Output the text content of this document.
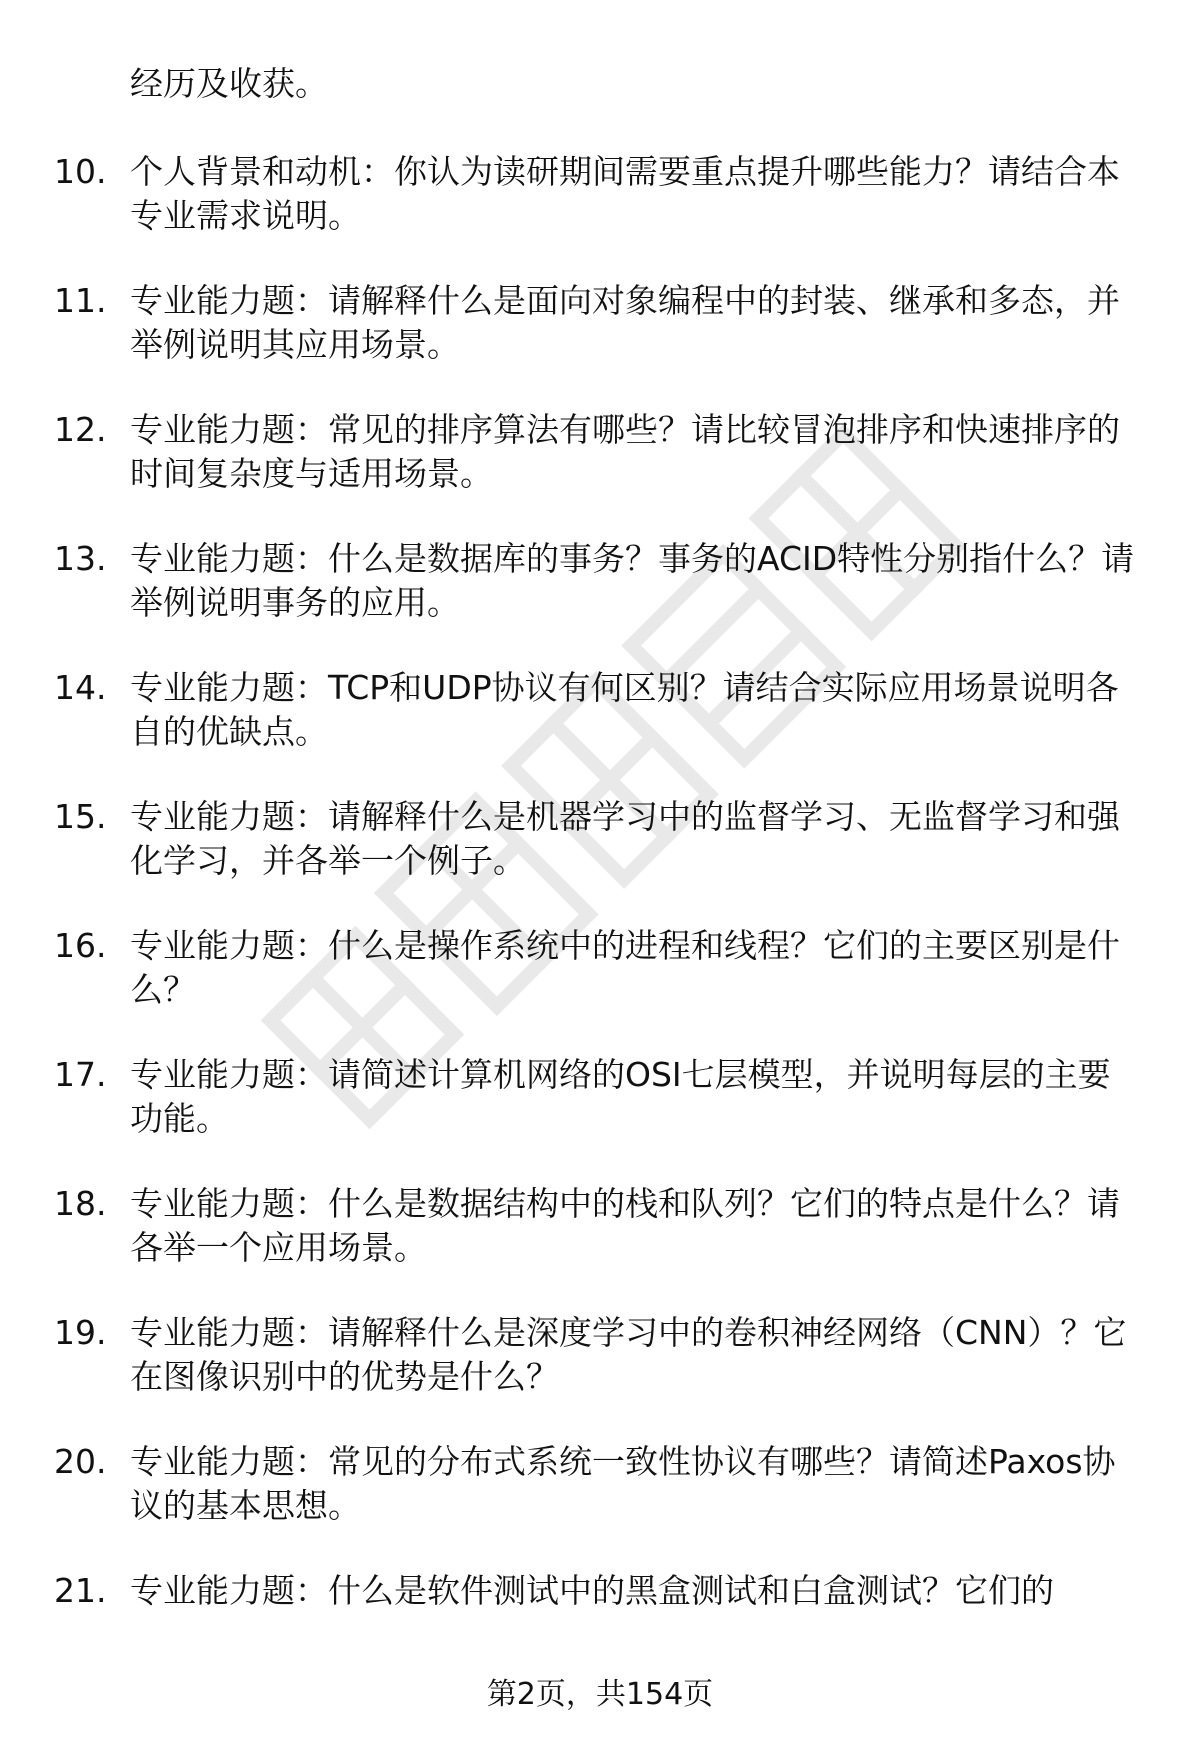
经历及收获。
10. 个人背景和动机：你认为读研期间需要重点提升哪些能力？请结合本专业需求说明。
11. 专业能力题：请解释什么是面向对象编程中的封装、继承和多态，并举例说明其应用场景。
12. 专业能力题：常见的排序算法有哪些？请比较冒泡排序和快速排序的时间复杂度与适用场景。
13. 专业能力题：什么是数据库的事务？事务的ACID特性分别指什么？请举例说明事务的应用。
14. 专业能力题：TCP和UDP协议有何区别？请结合实际应用场景说明各自的优缺点。
15. 专业能力题：请解释什么是机器学习中的监督学习、无监督学习和强化学习，并各举一个例子。
16. 专业能力题：什么是操作系统中的进程和线程？它们的主要区别是什么？
17. 专业能力题：请简述计算机网络的OSI七层模型，并说明每层的主要功能。
18. 专业能力题：什么是数据结构中的栈和队列？它们的特点是什么？请各举一个应用场景。
19. 专业能力题：请解释什么是深度学习中的卷积神经网络（CNN）？它在图像识别中的优势是什么？
20. 专业能力题：常见的分布式系统一致性协议有哪些？请简述Paxos协议的基本思想。
21. 专业能力题：什么是软件测试中的黑盒测试和白盒测试？它们的
第2页，共154页
